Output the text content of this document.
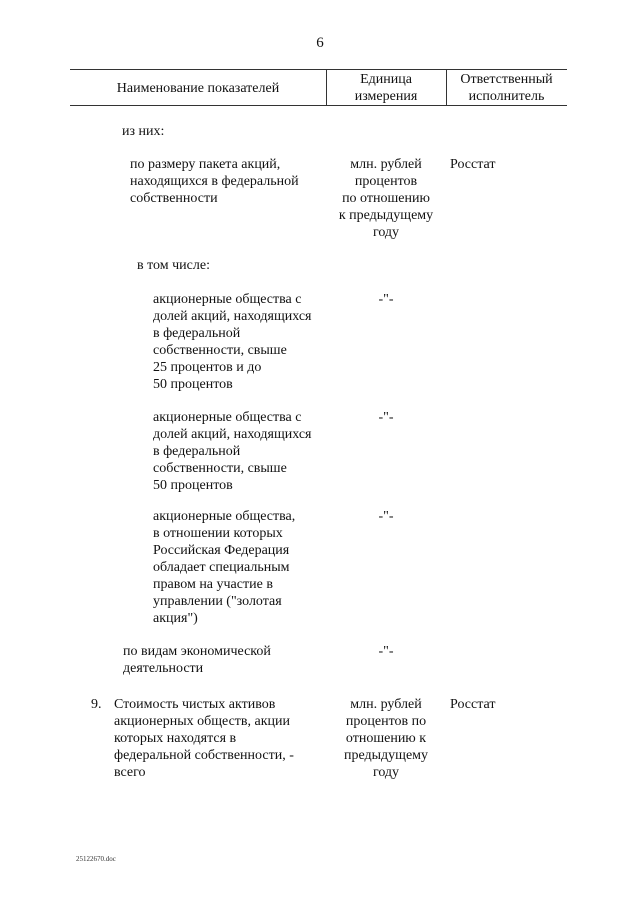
6
Наименование показателей
Единица
измерения
Ответственный
исполнитель
из них:
по размеру пакета акций,
находящихся в федеральной
собственности
млн. рублей
процентов
по отношению
к предыдущему
году
Росстат
в том числе:
акционерные общества с
долей акций, находящихся
в федеральной
собственности, свыше
25 процентов и до
50 процентов
-"-
акционерные общества с
долей акций, находящихся
в федеральной
собственности, свыше
50 процентов
-"-
акционерные общества,
в отношении которых
Российская Федерация
обладает специальным
правом на участие в
управлении ("золотая
акция")
-"-
по видам экономической
деятельности
-"-
9. Стоимость чистых активов
акционерных обществ, акции
которых находятся в
федеральной собственности, -
всего
млн. рублей
процентов по
отношению к
предыдущему
году
Росстат
25122670.doc
